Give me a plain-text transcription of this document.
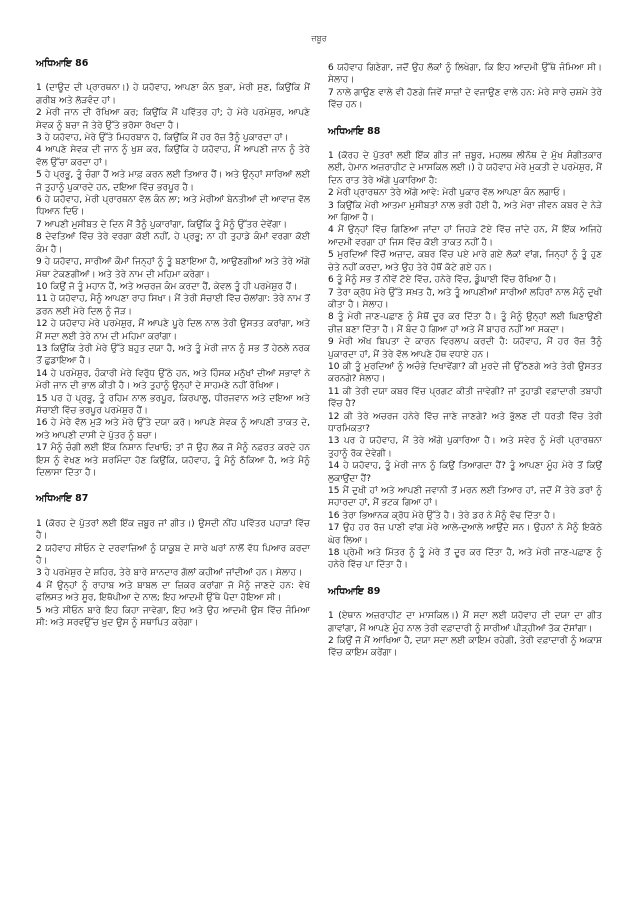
ਜ਼ਬੂਰ
ਅਧਿਆਇ 86
1 (ਦਾਊਦ ਦੀ ਪ੍ਰਾਰਥਨਾ।) ਹੇ ਯਹੋਵਾਹ, ਆਪਣਾ ਕੰਨ ਝੁਕਾ, ਮੇਰੀ ਸੁਣ, ਕਿਉਂਕਿ ਮੈਂ ਗਰੀਬ ਅਤੇ ਲੋੜਵੰਦ ਹਾਂ।
2 ਮੇਰੀ ਜਾਨ ਦੀ ਰੱਖਿਆ ਕਰ; ਕਿਉਂਕਿ ਮੈਂ ਪਵਿੱਤਰ ਹਾਂ; ਹੇ ਮੇਰੇ ਪਰਮੇਸ਼ੁਰ, ਆਪਣੇ ਸੇਵਕ ਨੂੰ ਬਚਾ ਜੋ ਤੇਰੇ ਉੱਤੇ ਭਰੋਸਾ ਰੱਖਦਾ ਹੈ।
3 ਹੇ ਯਹੋਵਾਹ, ਮੇਰੇ ਉੱਤੇ ਮਿਹਰਬਾਨ ਹੋ, ਕਿਉਂਕਿ ਮੈਂ ਹਰ ਰੋਜ਼ ਤੈਨੂੰ ਪੁਕਾਰਦਾ ਹਾਂ।
4 ਆਪਣੇ ਸੇਵਕ ਦੀ ਜਾਨ ਨੂੰ ਖੁਸ਼ ਕਰ, ਕਿਉਂਕਿ ਹੇ ਯਹੋਵਾਹ, ਮੈਂ ਆਪਣੀ ਜਾਨ ਨੂੰ ਤੇਰੇ ਵੱਲ ਉੱਚਾ ਕਰਦਾ ਹਾਂ।
5 ਹੇ ਪ੍ਰਭੂ, ਤੂੰ ਚੰਗਾ ਹੈਂ ਅਤੇ ਮਾਫ਼ ਕਰਨ ਲਈ ਤਿਆਰ ਹੈਂ। ਅਤੇ ਉਨ੍ਹਾਂ ਸਾਰਿਆਂ ਲਈ ਜੋ ਤੁਹਾਨੂੰ ਪੁਕਾਰਦੇ ਹਨ, ਦਇਆ ਵਿੱਚ ਭਰਪੂਰ ਹੈ।
6 ਹੇ ਯਹੋਵਾਹ, ਮੇਰੀ ਪ੍ਰਾਰਥਨਾ ਵੱਲ ਕੰਨ ਲਾ; ਅਤੇ ਮੇਰੀਆਂ ਬੇਨਤੀਆਂ ਦੀ ਆਵਾਜ਼ ਵੱਲ ਧਿਆਨ ਦਿਓ।
7 ਆਪਣੀ ਮੁਸੀਬਤ ਦੇ ਦਿਨ ਮੈਂ ਤੈਨੂੰ ਪੁਕਾਰਾਂਗਾ, ਕਿਉਂਕਿ ਤੂੰ ਮੈਨੂੰ ਉੱਤਰ ਦੇਵੇਂਗਾ।
8 ਦੇਵਤਿਆਂ ਵਿੱਚ ਤੇਰੇ ਵਰਗਾ ਕੋਈ ਨਹੀਂ, ਹੇ ਪ੍ਰਭੂ; ਨਾ ਹੀ ਤੁਹਾਡੇ ਕੰਮਾਂ ਵਰਗਾ ਕੋਈ ਕੰਮ ਹੈ।
9 ਹੇ ਯਹੋਵਾਹ, ਸਾਰੀਆਂ ਕੌਮਾਂ ਜਿਨ੍ਹਾਂ ਨੂੰ ਤੂੰ ਬਣਾਇਆ ਹੈ, ਆਉਣਗੀਆਂ ਅਤੇ ਤੇਰੇ ਅੱਗੇ ਮੱਥਾ ਟੇਕਣਗੀਆਂ। ਅਤੇ ਤੇਰੇ ਨਾਮ ਦੀ ਮਹਿਮਾ ਕਰੇਗਾ।
10 ਕਿਉਂ ਜੋ ਤੂੰ ਮਹਾਨ ਹੈਂ, ਅਤੇ ਅਚਰਜ ਕੰਮ ਕਰਦਾ ਹੈਂ, ਕੇਵਲ ਤੂੰ ਹੀ ਪਰਮੇਸ਼ੁਰ ਹੈਂ।
11 ਹੇ ਯਹੋਵਾਹ, ਮੈਨੂੰ ਆਪਣਾ ਰਾਹ ਸਿਖਾ। ਮੈਂ ਤੇਰੀ ਸੱਚਾਈ ਵਿੱਚ ਚੱਲਾਂਗਾ: ਤੇਰੇ ਨਾਮ ਤੋਂ ਡਰਨ ਲਈ ਮੇਰੇ ਦਿਲ ਨੂੰ ਜੋੜ।
12 ਹੇ ਯਹੋਵਾਹ ਮੇਰੇ ਪਰਮੇਸ਼ੁਰ, ਮੈਂ ਆਪਣੇ ਪੂਰੇ ਦਿਲ ਨਾਲ ਤੇਰੀ ਉਸਤਤ ਕਰਾਂਗਾ, ਅਤੇ ਮੈਂ ਸਦਾ ਲਈ ਤੇਰੇ ਨਾਮ ਦੀ ਮਹਿਮਾ ਕਰਾਂਗਾ।
13 ਕਿਉਂਕਿ ਤੇਰੀ ਮੇਰੇ ਉੱਤੇ ਬਹੁਤ ਦਯਾ ਹੈ, ਅਤੇ ਤੂੰ ਮੇਰੀ ਜਾਨ ਨੂੰ ਸਭ ਤੋਂ ਹੇਠਲੇ ਨਰਕ ਤੋਂ ਛੁਡਾਇਆ ਹੈ।
14 ਹੇ ਪਰਮੇਸ਼ੁਰ, ਹੰਕਾਰੀ ਮੇਰੇ ਵਿਰੁੱਧ ਉੱਠੇ ਹਨ, ਅਤੇ ਹਿੰਸਕ ਮਨੁੱਖਾਂ ਦੀਆਂ ਸਭਾਵਾਂ ਨੇ ਮੇਰੀ ਜਾਨ ਦੀ ਭਾਲ ਕੀਤੀ ਹੈ। ਅਤੇ ਤੁਹਾਨੂੰ ਉਨ੍ਹਾਂ ਦੇ ਸਾਹਮਣੇ ਨਹੀਂ ਰੱਖਿਆ।
15 ਪਰ ਹੇ ਪ੍ਰਭੂ, ਤੂੰ ਰਹਿਮ ਨਾਲ ਭਰਪੂਰ, ਕਿਰਪਾਲੂ, ਧੀਰਜਵਾਨ ਅਤੇ ਦਇਆ ਅਤੇ ਸੱਚਾਈ ਵਿੱਚ ਭਰਪੂਰ ਪਰਮੇਸ਼ੁਰ ਹੈਂ।
16 ਹੇ ਮੇਰੇ ਵੱਲ ਮੁੜੋ ਅਤੇ ਮੇਰੇ ਉੱਤੇ ਦਯਾ ਕਰੋ। ਆਪਣੇ ਸੇਵਕ ਨੂੰ ਆਪਣੀ ਤਾਕਤ ਦੇ, ਅਤੇ ਆਪਣੀ ਦਾਸੀ ਦੇ ਪੁੱਤਰ ਨੂੰ ਬਚਾ।
17 ਮੈਨੂੰ ਚੰਗੀ ਲਈ ਇੱਕ ਨਿਸ਼ਾਨ ਦਿਖਾਓ; ਤਾਂ ਜੋ ਉਹ ਲੋਕ ਜੋ ਮੈਨੂੰ ਨਫ਼ਰਤ ਕਰਦੇ ਹਨ ਇਸ ਨੂੰ ਵੇਖਣ ਅਤੇ ਸ਼ਰਮਿੰਦਾ ਹੋਣ ਕਿਉਂਕਿ, ਯਹੋਵਾਹ, ਤੂੰ ਮੈਨੂੰ ਠੱਕਿਆ ਹੈ, ਅਤੇ ਮੈਨੂੰ ਦਿਲਾਸਾ ਦਿੱਤਾ ਹੈ।
ਅਧਿਆਇ 87
1 (ਕੋਰਹ ਦੇ ਪੁੱਤਰਾਂ ਲਈ ਇੱਕ ਜ਼ਬੂਰ ਜਾਂ ਗੀਤ।) ਉਸਦੀ ਨੀਂਹ ਪਵਿੱਤਰ ਪਹਾੜਾਂ ਵਿੱਚ ਹੈ।
2 ਯਹੋਵਾਹ ਸੀਓਨ ਦੇ ਦਰਵਾਜ਼ਿਆਂ ਨੂੰ ਯਾਕੂਬ ਦੇ ਸਾਰੇ ਘਰਾਂ ਨਾਲੋਂ ਵੱਧ ਪਿਆਰ ਕਰਦਾ ਹੈ।
3 ਹੇ ਪਰਮੇਸ਼ੁਰ ਦੇ ਸ਼ਹਿਰ, ਤੇਰੇ ਬਾਰੇ ਸ਼ਾਨਦਾਰ ਗੱਲਾਂ ਕਹੀਆਂ ਜਾਂਦੀਆਂ ਹਨ। ਸੇਲਾਹ।
4 ਮੈਂ ਉਨ੍ਹਾਂ ਨੂੰ ਰਾਹਾਬ ਅਤੇ ਬਾਬਲ ਦਾ ਜ਼ਿਕਰ ਕਰਾਂਗਾ ਜੋ ਮੈਨੂੰ ਜਾਣਦੇ ਹਨ: ਵੇਖੋ ਫਲਿਸਤ ਅਤੇ ਸੂਰ, ਇਥੋਪੀਆ ਦੇ ਨਾਲ; ਇਹ ਆਦਮੀ ਉੱਥੇ ਪੈਦਾ ਹੋਇਆ ਸੀ।
5 ਅਤੇ ਸੀਓਨ ਬਾਰੇ ਇਹ ਕਿਹਾ ਜਾਵੇਗਾ, ਇਹ ਅਤੇ ਉਹ ਆਦਮੀ ਉਸ ਵਿੱਚ ਜੰਮਿਆ ਸੀ: ਅਤੇ ਸਰਵਉੱਚ ਖੁਦ ਉਸ ਨੂੰ ਸਥਾਪਿਤ ਕਰੇਗਾ।
6 ਯਹੋਵਾਹ ਗਿਣੇਗਾ, ਜਦੋਂ ਉਹ ਲੋਕਾਂ ਨੂੰ ਲਿਖੇਗਾ, ਕਿ ਇਹ ਆਦਮੀ ਉੱਥੇ ਜੰਮਿਆ ਸੀ। ਸੇਲਾਹ।
7 ਨਾਲੇ ਗਾਉਣ ਵਾਲੇ ਵੀ ਹੋਣਗੇ ਜਿਵੇਂ ਸਾਜ਼ਾਂ ਦੇ ਵਜਾਉਣ ਵਾਲੇ ਹਨ: ਮੇਰੇ ਸਾਰੇ ਚਸ਼ਮੇ ਤੇਰੇ ਵਿੱਚ ਹਨ।
ਅਧਿਆਇ 88
1 (ਕੋਰਹ ਦੇ ਪੁੱਤਰਾਂ ਲਈ ਇੱਕ ਗੀਤ ਜਾਂ ਜ਼ਬੂਰ, ਮਹਲਥ ਲੀਨੋਥ ਦੇ ਮੁੱਖ ਸੰਗੀਤਕਾਰ ਲਈ, ਹੇਮਾਨ ਅਜ਼ਰਾਹੀਟ ਦੇ ਮਾਸਕਿਲ ਲਈ।) ਹੇ ਯਹੋਵਾਹ ਮੇਰੇ ਮੁਕਤੀ ਦੇ ਪਰਮੇਸ਼ੁਰ, ਮੈਂ ਦਿਨ ਰਾਤ ਤੇਰੇ ਅੱਗੇ ਪੁਕਾਰਿਆ ਹੈ:
2 ਮੇਰੀ ਪ੍ਰਾਰਥਨਾ ਤੇਰੇ ਅੱਗੇ ਆਵੇ: ਮੇਰੀ ਪੁਕਾਰ ਵੱਲ ਆਪਣਾ ਕੰਨ ਲਗਾਓ।
3 ਕਿਉਂਕਿ ਮੇਰੀ ਆਤਮਾ ਮੁਸੀਬਤਾਂ ਨਾਲ ਭਰੀ ਹੋਈ ਹੈ, ਅਤੇ ਮੇਰਾ ਜੀਵਨ ਕਬਰ ਦੇ ਨੇੜੇ ਆ ਗਿਆ ਹੈ।
4 ਮੈਂ ਉਨ੍ਹਾਂ ਵਿੱਚ ਗਿਣਿਆ ਜਾਂਦਾ ਹਾਂ ਜਿਹੜੇ ਟੋਏ ਵਿੱਚ ਜਾਂਦੇ ਹਨ, ਮੈਂ ਇੱਕ ਅਜਿਹੇ ਆਦਮੀ ਵਰਗਾ ਹਾਂ ਜਿਸ ਵਿੱਚ ਕੋਈ ਤਾਕਤ ਨਹੀਂ ਹੈ।
5 ਮੁਰਦਿਆਂ ਵਿੱਚੋਂ ਅਜ਼ਾਦ, ਕਬਰ ਵਿੱਚ ਪਏ ਮਾਰੇ ਗਏ ਲੋਕਾਂ ਵਾਂਗ, ਜਿਨ੍ਹਾਂ ਨੂੰ ਤੂੰ ਹੁਣ ਚੇਤੇ ਨਹੀਂ ਕਰਦਾ, ਅਤੇ ਉਹ ਤੇਰੇ ਹੱਥੋਂ ਕੱਟੇ ਗਏ ਹਨ।
6 ਤੂੰ ਮੈਨੂੰ ਸਭ ਤੋਂ ਨੀਵੇਂ ਟੋਏ ਵਿੱਚ, ਹਨੇਰੇ ਵਿੱਚ, ਡੂੰਘਾਈ ਵਿੱਚ ਰੱਖਿਆ ਹੈ।
7 ਤੇਰਾ ਕ੍ਰੋਧ ਮੇਰੇ ਉੱਤੇ ਸਖ਼ਤ ਹੈ, ਅਤੇ ਤੂੰ ਆਪਣੀਆਂ ਸਾਰੀਆਂ ਲਹਿਰਾਂ ਨਾਲ ਮੈਨੂੰ ਦੁਖੀ ਕੀਤਾ ਹੈ। ਸੇਲਾਹ।
8 ਤੂੰ ਮੇਰੀ ਜਾਣ-ਪਛਾਣ ਨੂੰ ਮੈਥੋਂ ਦੂਰ ਕਰ ਦਿੱਤਾ ਹੈ। ਤੂੰ ਮੈਨੂੰ ਉਨ੍ਹਾਂ ਲਈ ਘਿਣਾਉਣੀ ਚੀਜ਼ ਬਣਾ ਦਿੱਤਾ ਹੈ। ਮੈਂ ਬੰਦ ਹੋ ਗਿਆ ਹਾਂ ਅਤੇ ਮੈਂ ਬਾਹਰ ਨਹੀਂ ਆ ਸਕਦਾ।
9 ਮੇਰੀ ਅੱਖ ਬਿਪਤਾ ਦੇ ਕਾਰਨ ਵਿਰਲਾਪ ਕਰਦੀ ਹੈ: ਯਹੋਵਾਹ, ਮੈਂ ਹਰ ਰੋਜ਼ ਤੈਨੂੰ ਪੁਕਾਰਦਾ ਹਾਂ, ਮੈਂ ਤੇਰੇ ਵੱਲ ਆਪਣੇ ਹੱਥ ਵਧਾਏ ਹਨ।
10 ਕੀ ਤੂੰ ਮੁਰਦਿਆਂ ਨੂੰ ਅਚੰਭੇ ਦਿਖਾਵੇਂਗਾ? ਕੀ ਮੁਰਦੇ ਜੀ ਉੱਠਣਗੇ ਅਤੇ ਤੇਰੀ ਉਸਤਤ ਕਰਨਗੇ? ਸੇਲਾਹ।
11 ਕੀ ਤੇਰੀ ਦਯਾ ਕਬਰ ਵਿੱਚ ਪ੍ਰਗਟ ਕੀਤੀ ਜਾਵੇਗੀ? ਜਾਂ ਤੁਹਾਡੀ ਵਫ਼ਾਦਾਰੀ ਤਬਾਹੀ ਵਿੱਚ ਹੈ?
12 ਕੀ ਤੇਰੇ ਅਚਰਜ ਹਨੇਰੇ ਵਿੱਚ ਜਾਣੇ ਜਾਣਗੇ? ਅਤੇ ਭੁੱਲਣ ਦੀ ਧਰਤੀ ਵਿੱਚ ਤੇਰੀ ਧਾਰਮਿਕਤਾ?
13 ਪਰ ਹੇ ਯਹੋਵਾਹ, ਮੈਂ ਤੇਰੇ ਅੱਗੇ ਪੁਕਾਰਿਆ ਹੈ। ਅਤੇ ਸਵੇਰ ਨੂੰ ਮੇਰੀ ਪ੍ਰਾਰਥਨਾ ਤੁਹਾਨੂੰ ਰੋਕ ਦੇਵੇਗੀ।
14 ਹੇ ਯਹੋਵਾਹ, ਤੂੰ ਮੇਰੀ ਜਾਨ ਨੂੰ ਕਿਉਂ ਤਿਆਗਦਾ ਹੈਂ? ਤੂੰ ਆਪਣਾ ਮੂੰਹ ਮੇਰੇ ਤੋਂ ਕਿਉਂ ਲੁਕਾਉਂਦਾ ਹੈਂ?
15 ਮੈਂ ਦੁਖੀ ਹਾਂ ਅਤੇ ਆਪਣੀ ਜਵਾਨੀ ਤੋਂ ਮਰਨ ਲਈ ਤਿਆਰ ਹਾਂ, ਜਦੋਂ ਮੈਂ ਤੇਰੇ ਡਰਾਂ ਨੂੰ ਸਹਾਰਦਾ ਹਾਂ, ਮੈਂ ਭਟਕ ਗਿਆ ਹਾਂ।
16 ਤੇਰਾ ਭਿਆਨਕ ਕ੍ਰੋਧ ਮੇਰੇ ਉੱਤੇ ਹੈ। ਤੇਰੇ ਡਰ ਨੇ ਮੈਨੂੰ ਵੱਢ ਦਿੱਤਾ ਹੈ।
17 ਉਹ ਹਰ ਰੋਜ਼ ਪਾਣੀ ਵਾਂਗ ਮੇਰੇ ਆਲੇ-ਦੁਆਲੇ ਆਉਂਦੇ ਸਨ। ਉਹਨਾਂ ਨੇ ਮੈਨੂੰ ਇਕੱਠੇ ਘੇਰ ਲਿਆ।
18 ਪ੍ਰੇਮੀ ਅਤੇ ਮਿੱਤਰ ਨੂੰ ਤੂੰ ਮੇਰੇ ਤੋਂ ਦੂਰ ਕਰ ਦਿੱਤਾ ਹੈ, ਅਤੇ ਮੇਰੀ ਜਾਣ-ਪਛਾਣ ਨੂੰ ਹਨੇਰੇ ਵਿੱਚ ਪਾ ਦਿੱਤਾ ਹੈ।
ਅਧਿਆਇ 89
1 (ਏਥਾਨ ਅਜ਼ਰਾਹੀਟ ਦਾ ਮਾਸਕਿਲ।) ਮੈਂ ਸਦਾ ਲਈ ਯਹੋਵਾਹ ਦੀ ਦਯਾ ਦਾ ਗੀਤ ਗਾਵਾਂਗਾ, ਮੈਂ ਆਪਣੇ ਮੂੰਹ ਨਾਲ ਤੇਰੀ ਵਫ਼ਾਦਾਰੀ ਨੂੰ ਸਾਰੀਆਂ ਪੀੜ੍ਹੀਆਂ ਤੱਕ ਦੱਸਾਂਗਾ।
2 ਕਿਉਂ ਜੋ ਮੈਂ ਆਖਿਆ ਹੈ, ਦਯਾ ਸਦਾ ਲਈ ਕਾਇਮ ਰਹੇਗੀ, ਤੇਰੀ ਵਫ਼ਾਦਾਰੀ ਨੂੰ ਅਕਾਸ਼ ਵਿੱਚ ਕਾਇਮ ਕਰੇਂਗਾ।
